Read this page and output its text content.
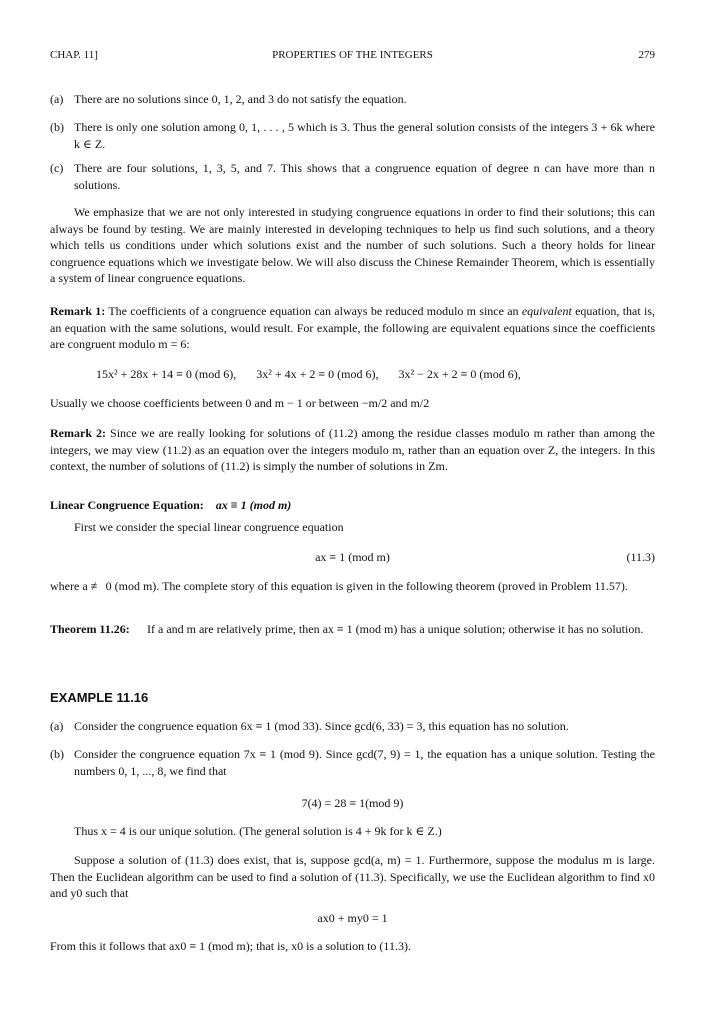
CHAP. 11]	PROPERTIES OF THE INTEGERS	279
(a) There are no solutions since 0, 1, 2, and 3 do not satisfy the equation.
(b) There is only one solution among 0, 1, . . . , 5 which is 3. Thus the general solution consists of the integers 3 + 6k where k ∈ Z.
(c) There are four solutions, 1, 3, 5, and 7. This shows that a congruence equation of degree n can have more than n solutions.
We emphasize that we are not only interested in studying congruence equations in order to find their solutions; this can always be found by testing. We are mainly interested in developing techniques to help us find such solutions, and a theory which tells us conditions under which solutions exist and the number of such solutions. Such a theory holds for linear congruence equations which we investigate below. We will also discuss the Chinese Remainder Theorem, which is essentially a system of linear congruence equations.
Remark 1: The coefficients of a congruence equation can always be reduced modulo m since an equivalent equation, that is, an equation with the same solutions, would result. For example, the following are equivalent equations since the coefficients are congruent modulo m = 6:
15x² + 28x + 14 ≡ 0 (mod 6), 3x² + 4x + 2 ≡ 0 (mod 6), 3x² − 2x + 2 ≡ 0 (mod 6),
Usually we choose coefficients between 0 and m − 1 or between −m/2 and m/2
Remark 2: Since we are really looking for solutions of (11.2) among the residue classes modulo m rather than among the integers, we may view (11.2) as an equation over the integers modulo m, rather than an equation over Z, the integers. In this context, the number of solutions of (11.2) is simply the number of solutions in Zm.
Linear Congruence Equation: ax ≡ 1 (mod m)
First we consider the special linear congruence equation
ax ≡ 1 (mod m)	(11.3)
where a ≢ 0 (mod m). The complete story of this equation is given in the following theorem (proved in Problem 11.57).
Theorem 11.26: If a and m are relatively prime, then ax ≡ 1 (mod m) has a unique solution; otherwise it has no solution.
EXAMPLE 11.16
(a) Consider the congruence equation 6x ≡ 1 (mod 33). Since gcd(6, 33) = 3, this equation has no solution.
(b) Consider the congruence equation 7x ≡ 1 (mod 9). Since gcd(7, 9) = 1, the equation has a unique solution. Testing the numbers 0, 1, ..., 8, we find that
7(4) = 28 ≡ 1(mod 9)
Thus x = 4 is our unique solution. (The general solution is 4 + 9k for k ∈ Z.)
Suppose a solution of (11.3) does exist, that is, suppose gcd(a, m) = 1. Furthermore, suppose the modulus m is large. Then the Euclidean algorithm can be used to find a solution of (11.3). Specifically, we use the Euclidean algorithm to find x0 and y0 such that
ax0 + my0 = 1
From this it follows that ax0 ≡ 1 (mod m); that is, x0 is a solution to (11.3).
